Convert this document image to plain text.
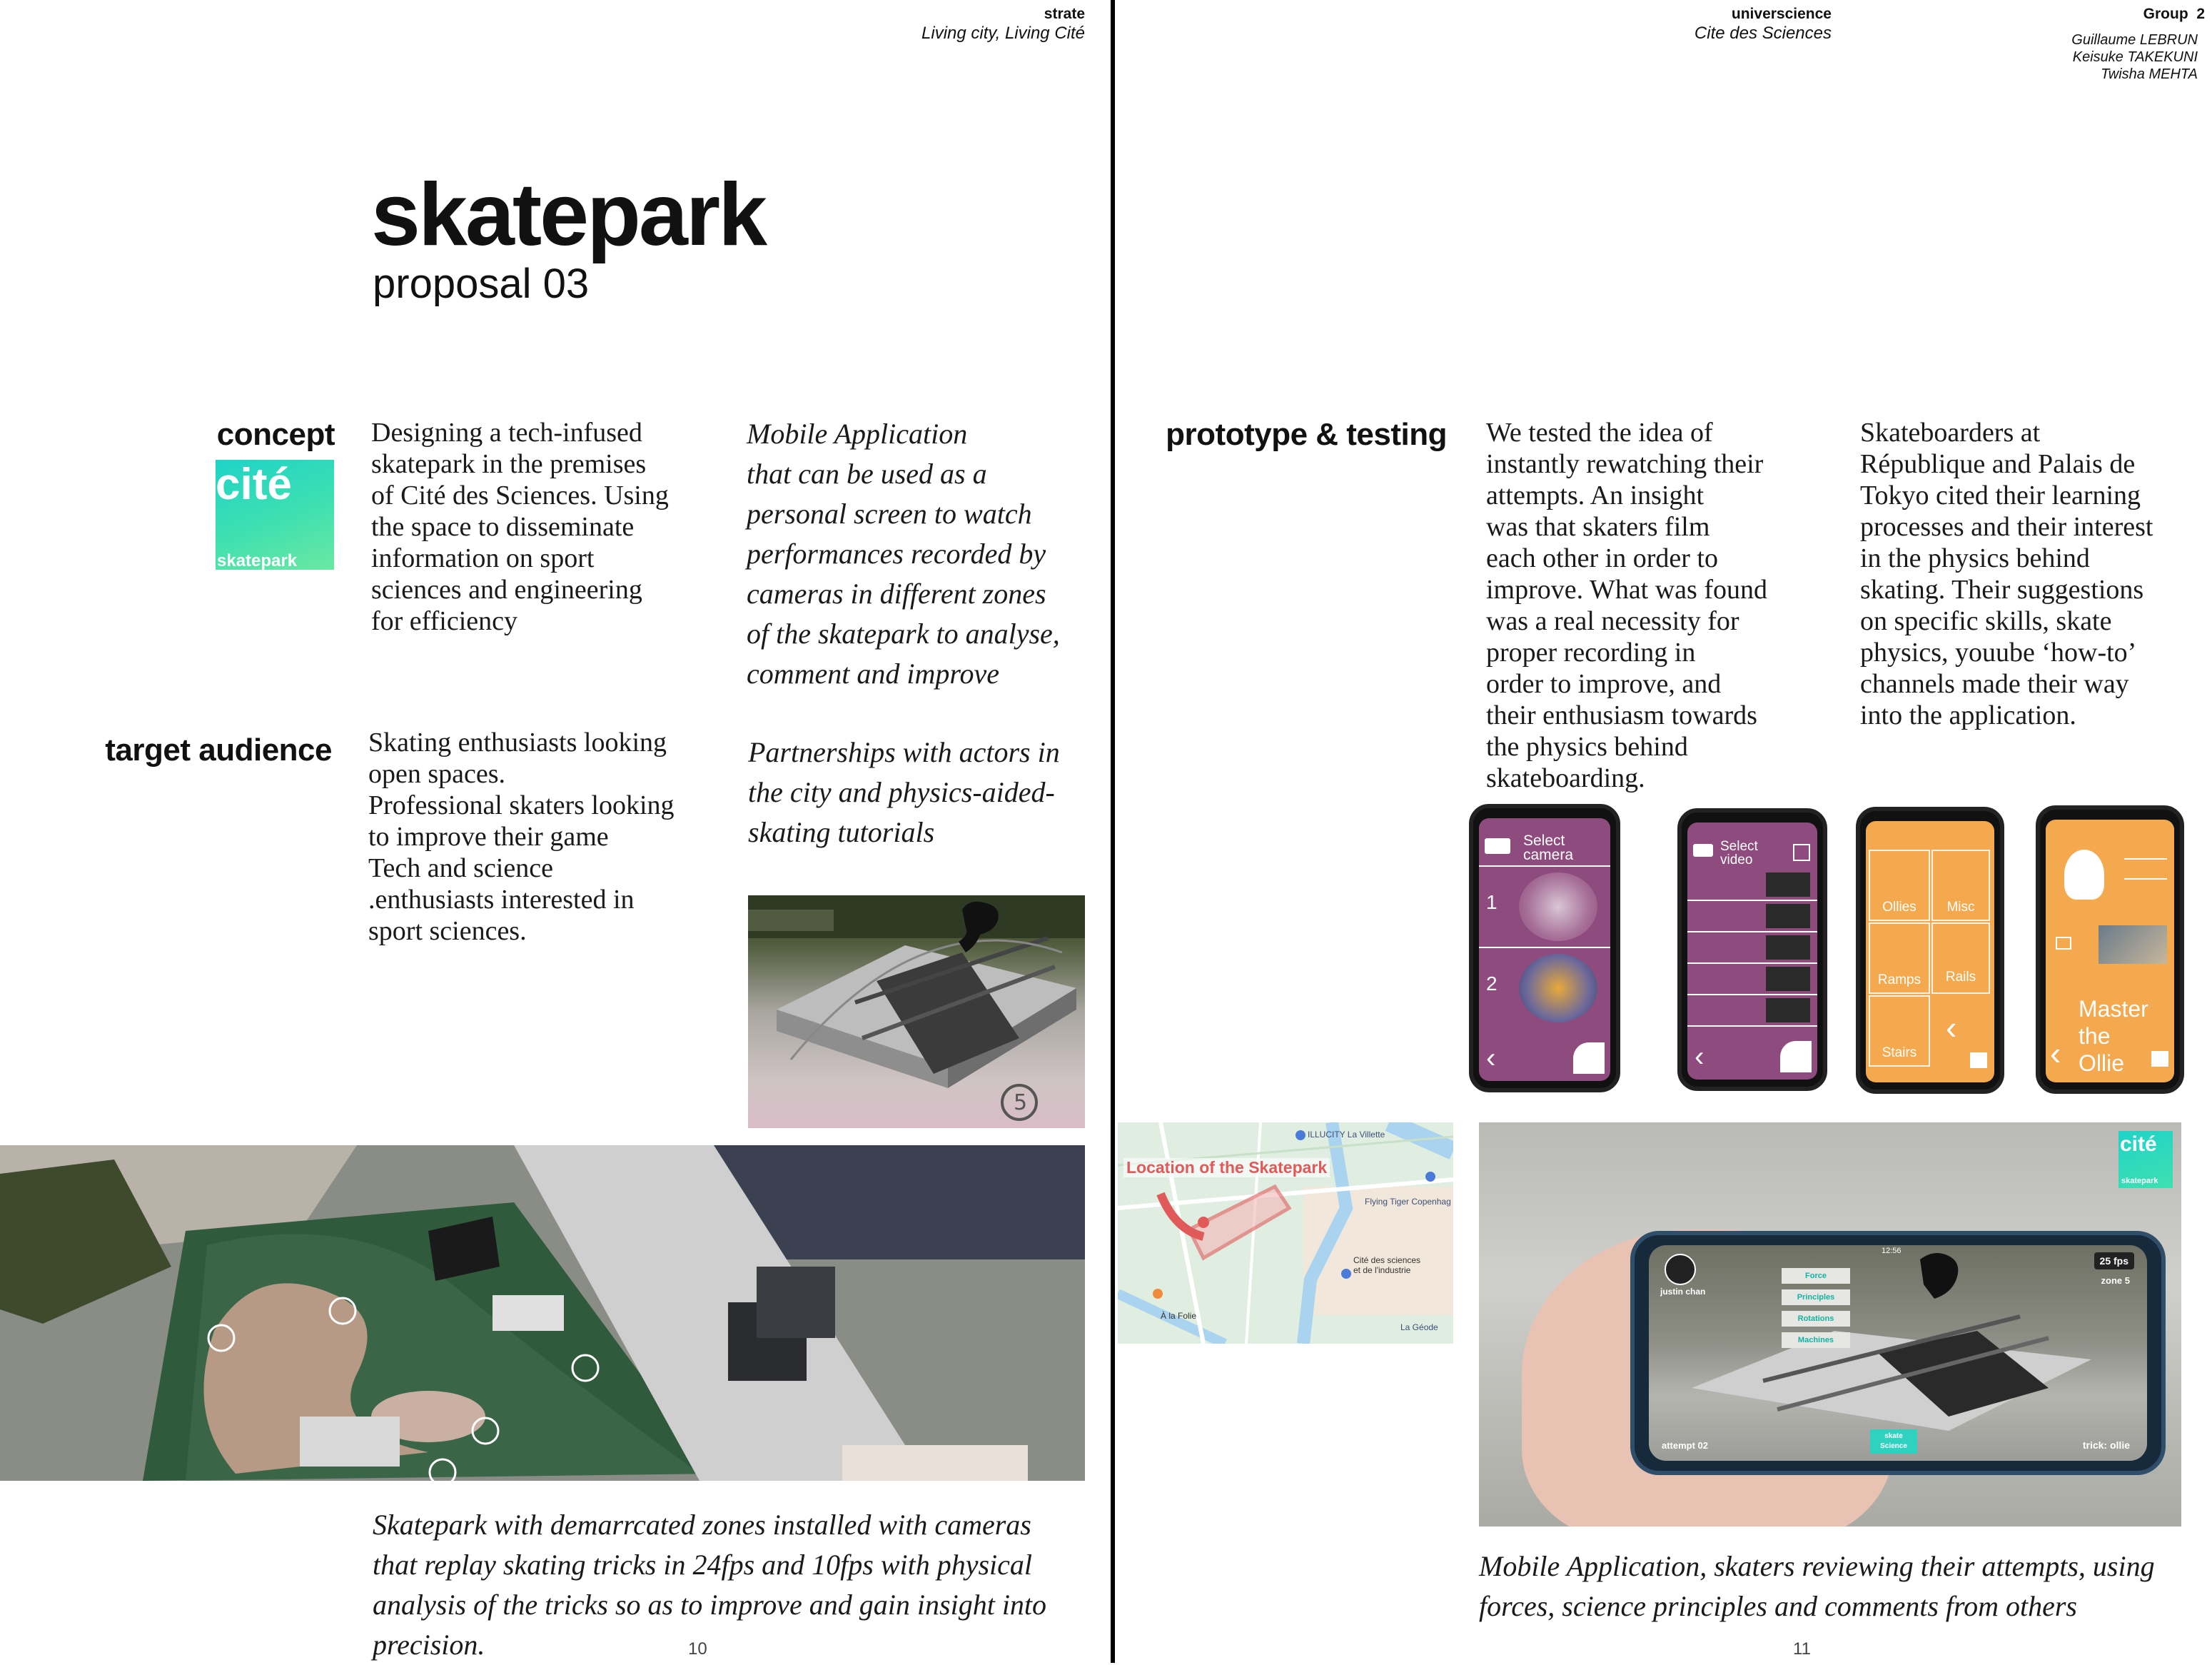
strate
Living city, Living Cité
universcience
Cite des Sciences
Group  2
Guillaume LEBRUN
Keisuke TAKEKUNI
Twisha MEHTA
skatepark
proposal 03
concept
cité
skatepark
Designing a tech-infused
skatepark in the premises
of Cité des Sciences. Using
the space to disseminate
information on sport
sciences and engineering
for efficiency
Mobile Application
that can be used as a
personal screen to watch
performances recorded by
cameras in different zones
of the skatepark to analyse,
comment and improve
target audience Skating enthusiasts looking
open spaces.
Professional skaters looking
to improve their game
Tech and science
.enthusiasts interested in
sport sciences.
Partnerships with actors in
the city and physics-aided-
skating tutorials
5
Skatepark with demarrcated zones installed with cameras
that replay skating tricks in 24fps and 10fps with physical
analysis of the tricks so as to improve and gain insight into
precision.	10	11
prototype & testing We tested the idea of
instantly rewatching their
attempts. An insight
was that skaters film
each other in order to
improve. What was found
was a real necessity for
proper recording in
order to improve, and
their enthusiasm towards
the physics behind
skateboarding.
Skateboarders at
République and Palais de
Tokyo cited their learning
processes and their interest
in the physics behind
skating. Their suggestions
on specific skills, skate
physics, youube ‘how-to’
channels made their way
into the application.
Select
camera
1
2
‹
Select
video
‹
Ollies	Misc
Ramps	Rails
Stairs
‹	Master
the
Ollie
‹
Location of the Skatepark
ILLUCITY La Villette
Flying Tiger Copenhag
Cité des sciences
et de l'industrie
La Géode
À la Folie
justin chan
12:56
25 fps
zone 5
Force
Principles
Rotations
Machines
attempt 02
skate
Science	trick: ollie
cité
skatepark
Mobile Application, skaters reviewing their attempts, using
forces, science principles and comments from others
